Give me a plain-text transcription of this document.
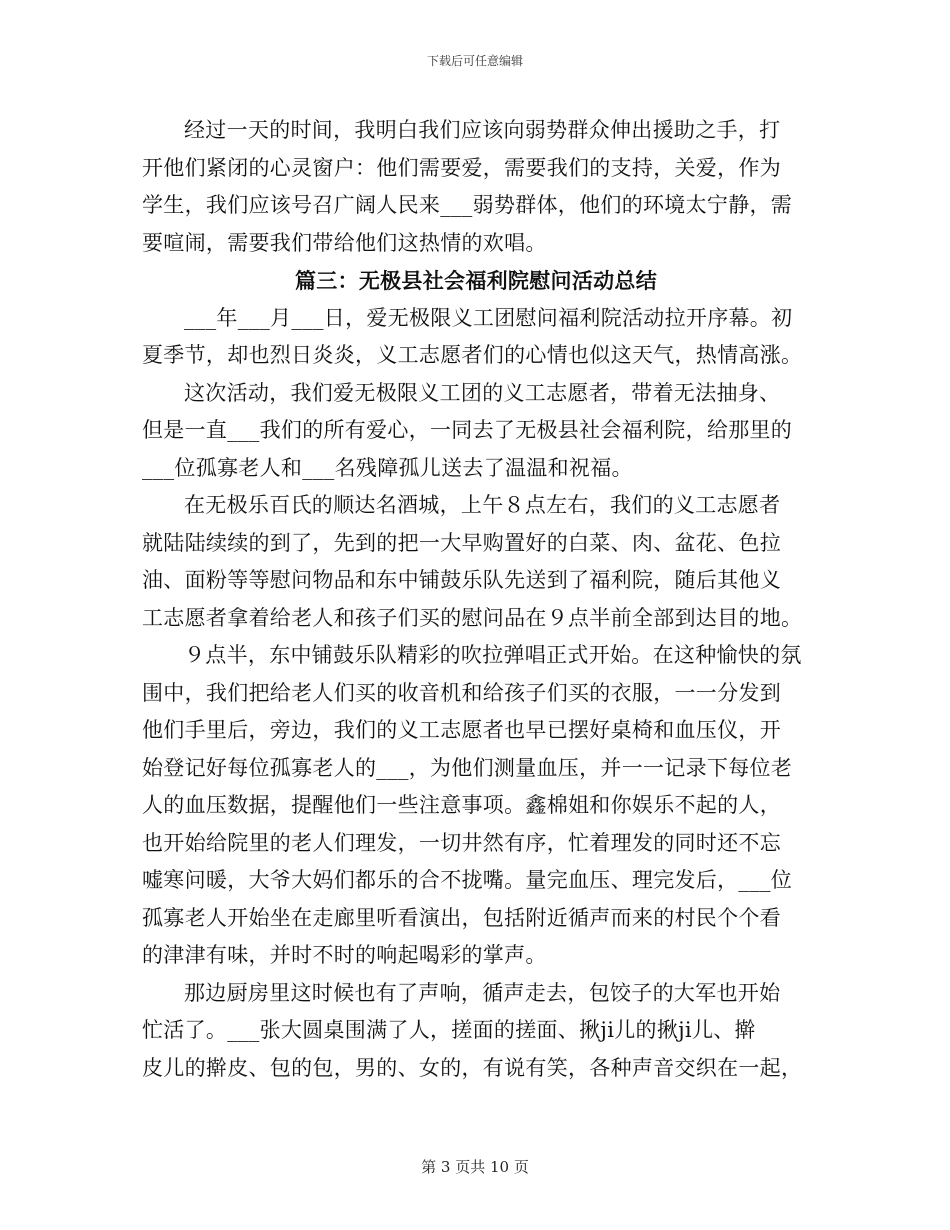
下载后可任意编辑
经过一天的时间，我明白我们应该向弱势群众伸出援助之手，打
开他们紧闭的心灵窗户：他们需要爱，需要我们的支持，关爱，作为
学生，我们应该号召广阔人民来___弱势群体，他们的环境太宁静，需
要喧闹，需要我们带给他们这热情的欢唱。
篇三：无极县社会福利院慰问活动总结
___年___月___日，爱无极限义工团慰问福利院活动拉开序幕。初
夏季节，却也烈日炎炎，义工志愿者们的心情也似这天气，热情高涨。
这次活动，我们爱无极限义工团的义工志愿者，带着无法抽身、
但是一直___我们的所有爱心，一同去了无极县社会福利院，给那里的
___位孤寡老人和___名残障孤儿送去了温温和祝福。
在无极乐百氏的顺达名酒城，上午８点左右，我们的义工志愿者
就陆陆续续的到了，先到的把一大早购置好的白菜、肉、盆花、色拉
油、面粉等等慰问物品和东中铺鼓乐队先送到了福利院，随后其他义
工志愿者拿着给老人和孩子们买的慰问品在９点半前全部到达目的地。
９点半，东中铺鼓乐队精彩的吹拉弹唱正式开始。在这种愉快的氛
围中，我们把给老人们买的收音机和给孩子们买的衣服，一一分发到
他们手里后，旁边，我们的义工志愿者也早已摆好桌椅和血压仪，开
始登记好每位孤寡老人的___，为他们测量血压，并一一记录下每位老
人的血压数据，提醒他们一些注意事项。鑫棉姐和你娱乐不起的人，
也开始给院里的老人们理发，一切井然有序，忙着理发的同时还不忘
嘘寒问暖，大爷大妈们都乐的合不拢嘴。量完血压、理完发后，___位
孤寡老人开始坐在走廊里听看演出，包括附近循声而来的村民个个看
的津津有味，并时不时的响起喝彩的掌声。
那边厨房里这时候也有了声响，循声走去，包饺子的大军也开始
忙活了。___张大圆桌围满了人，搓面的搓面、揪ji儿的揪ji儿、擀
皮儿的擀皮、包的包，男的、女的，有说有笑，各种声音交织在一起，
第 3 页共 10 页
